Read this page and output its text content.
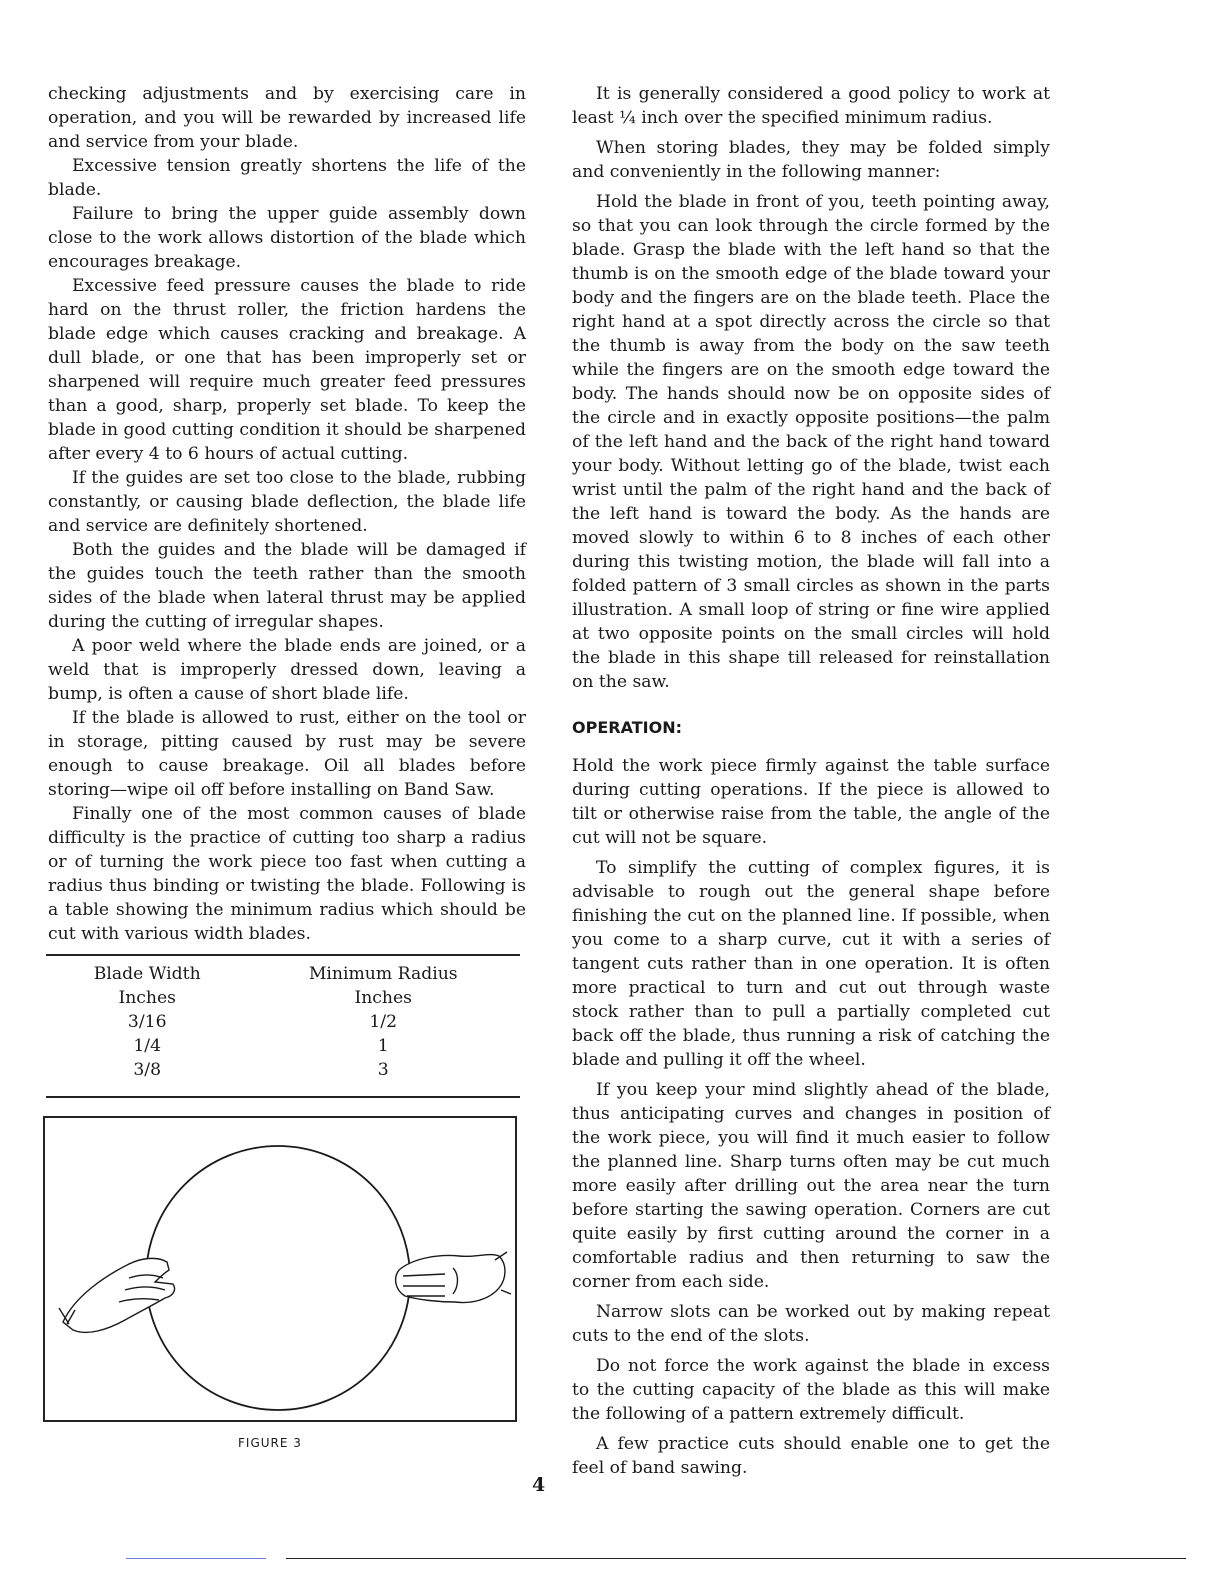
checking adjustments and by exercising care in operation, and you will be rewarded by increased life and service from your blade.

Excessive tension greatly shortens the life of the blade.

Failure to bring the upper guide assembly down close to the work allows distortion of the blade which encourages breakage.

Excessive feed pressure causes the blade to ride hard on the thrust roller, the friction hardens the blade edge which causes cracking and breakage. A dull blade, or one that has been improperly set or sharpened will require much greater feed pressures than a good, sharp, properly set blade. To keep the blade in good cutting condition it should be sharpened after every 4 to 6 hours of actual cutting.

If the guides are set too close to the blade, rubbing constantly, or causing blade deflection, the blade life and service are definitely shortened.

Both the guides and the blade will be damaged if the guides touch the teeth rather than the smooth sides of the blade when lateral thrust may be applied during the cutting of irregular shapes.

A poor weld where the blade ends are joined, or a weld that is improperly dressed down, leaving a bump, is often a cause of short blade life.

If the blade is allowed to rust, either on the tool or in storage, pitting caused by rust may be severe enough to cause breakage. Oil all blades before storing—wipe oil off before installing on Band Saw.

Finally one of the most common causes of blade difficulty is the practice of cutting too sharp a radius or of turning the work piece too fast when cutting a radius thus binding or twisting the blade. Following is a table showing the minimum radius which should be cut with various width blades.

Blade Width	Minimum Radius
Inches	Inches
3/16	1/2
1/4	1
3/8	3
FIGURE 3

It is generally considered a good policy to work at least ¼ inch over the specified minimum radius.

When storing blades, they may be folded simply and conveniently in the following manner:

Hold the blade in front of you, teeth pointing away, so that you can look through the circle formed by the blade. Grasp the blade with the left hand so that the thumb is on the smooth edge of the blade toward your body and the fingers are on the blade teeth. Place the right hand at a spot directly across the circle so that the thumb is away from the body on the saw teeth while the fingers are on the smooth edge toward the body. The hands should now be on opposite sides of the circle and in exactly opposite positions—the palm of the left hand and the back of the right hand toward your body. Without letting go of the blade, twist each wrist until the palm of the right hand and the back of the left hand is toward the body. As the hands are moved slowly to within 6 to 8 inches of each other during this twisting motion, the blade will fall into a folded pattern of 3 small circles as shown in the parts illustration. A small loop of string or fine wire applied at two opposite points on the small circles will hold the blade in this shape till released for reinstallation on the saw.

OPERATION:

Hold the work piece firmly against the table surface during cutting operations. If the piece is allowed to tilt or otherwise raise from the table, the angle of the cut will not be square.

To simplify the cutting of complex figures, it is advisable to rough out the general shape before finishing the cut on the planned line. If possible, when you come to a sharp curve, cut it with a series of tangent cuts rather than in one operation. It is often more practical to turn and cut out through waste stock rather than to pull a partially completed cut back off the blade, thus running a risk of catching the blade and pulling it off the wheel.

If you keep your mind slightly ahead of the blade, thus anticipating curves and changes in position of the work piece, you will find it much easier to follow the planned line. Sharp turns often may be cut much more easily after drilling out the area near the turn before starting the sawing operation. Corners are cut quite easily by first cutting around the corner in a comfortable radius and then returning to saw the corner from each side.

Narrow slots can be worked out by making repeat cuts to the end of the slots.

Do not force the work against the blade in excess to the cutting capacity of the blade as this will make the following of a pattern extremely difficult.

A few practice cuts should enable one to get the feel of band sawing.

4
